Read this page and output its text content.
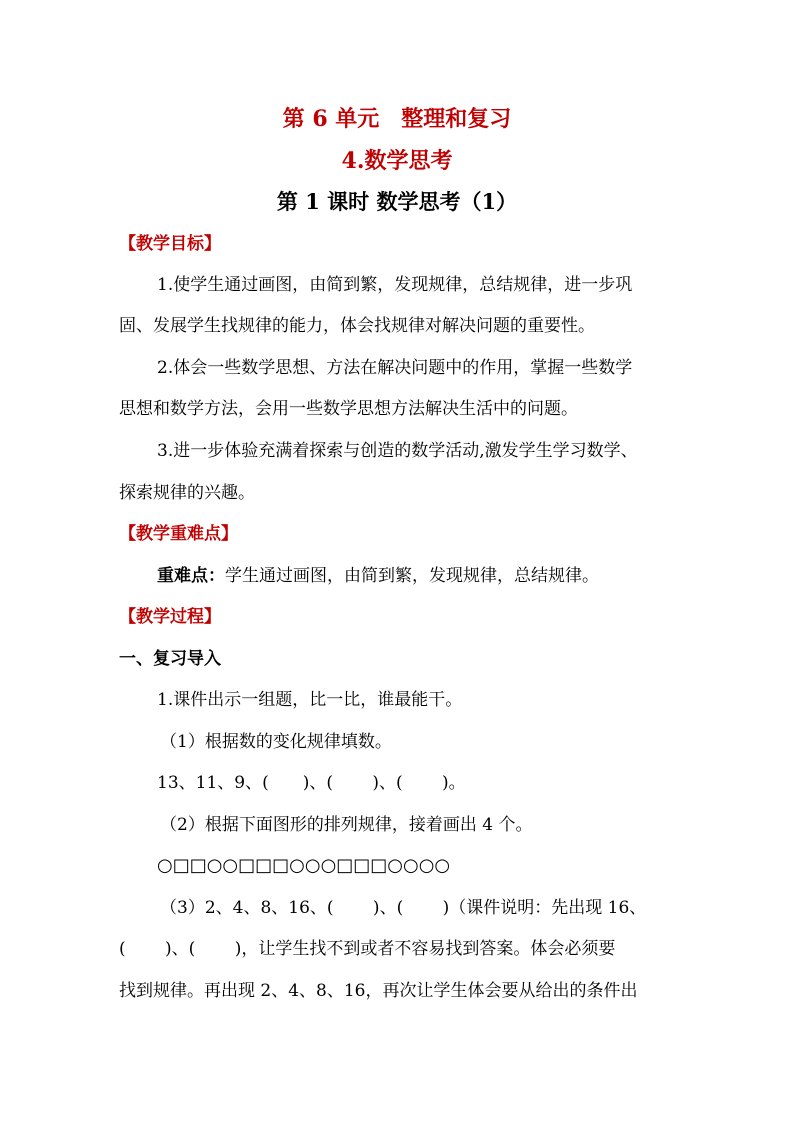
第 6 单元　整理和复习
4.数学思考
第 1 课时 数学思考（1）
【教学目标】
1.使学生通过画图，由简到繁，发现规律，总结规律，进一步巩
固、发展学生找规律的能力，体会找规律对解决问题的重要性。
2.体会一些数学思想、方法在解决问题中的作用，掌握一些数学
思想和数学方法，会用一些数学思想方法解决生活中的问题。
3.进一步体验充满着探索与创造的数学活动,激发学生学习数学、
探索规律的兴趣。
【教学重难点】
重难点：学生通过画图，由简到繁，发现规律，总结规律。
【教学过程】
一、复习导入
1.课件出示一组题，比一比，谁最能干。
（1）根据数的变化规律填数。
13、11、9、(　　)、(　　 )、(　　 )。
（2）根据下面图形的排列规律，接着画出 4 个。
○□□○○□□□○○○□□□○○○○
（3）2、4、8、16、(　　 )、(　　 )（课件说明：先出现 16、
(　　 )、(　　 )，让学生找不到或者不容易找到答案。体会必须要
找到规律。再出现 2、4、8、16，再次让学生体会要从给出的条件出
